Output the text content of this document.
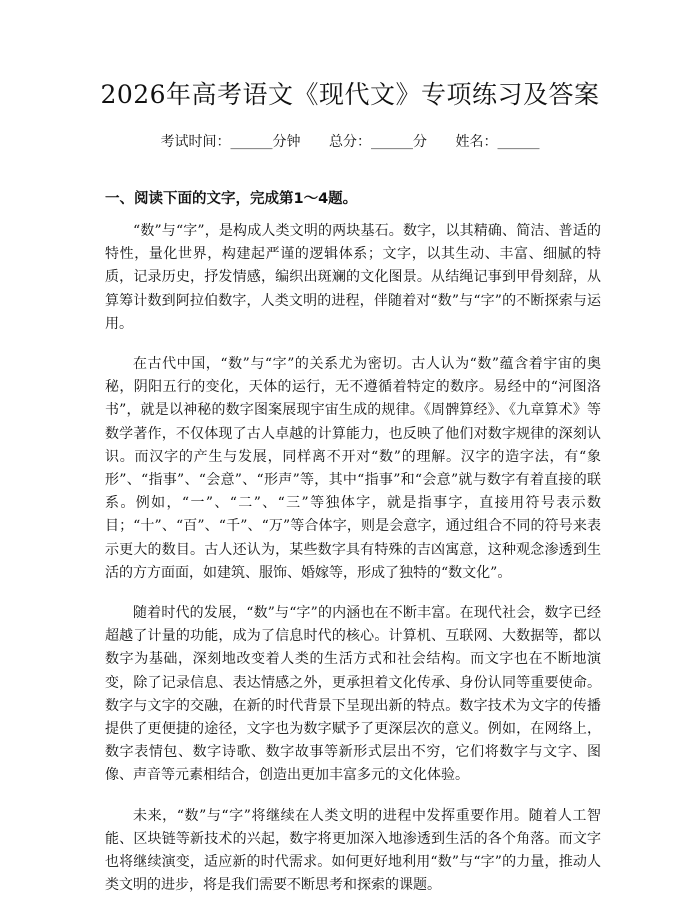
2026年高考语文《现代文》专项练习及答案
考试时间：______分钟 总分：______分 姓名：______
一、阅读下面的文字，完成第1～4题。

“数”与“字”，是构成人类文明的两块基石。数字，以其精确、简洁、普适的特性，量化世界，构建起严谨的逻辑体系；文字，以其生动、丰富、细腻的特质，记录历史，抒发情感，编织出斑斓的文化图景。从结绳记事到甲骨刻辞，从算筹计数到阿拉伯数字，人类文明的进程，伴随着对“数”与“字”的不断探索与运用。

在古代中国，“数”与“字”的关系尤为密切。古人认为“数”蕴含着宇宙的奥秘，阴阳五行的变化，天体的运行，无不遵循着特定的数序。易经中的“河图洛书”，就是以神秘的数字图案展现宇宙生成的规律。《周髀算经》、《九章算术》等数学著作，不仅体现了古人卓越的计算能力，也反映了他们对数字规律的深刻认识。而汉字的产生与发展，同样离不开对“数”的理解。汉字的造字法，有“象形”、“指事”、“会意”、“形声”等，其中“指事”和“会意”就与数字有着直接的联系。例如，“一”、“二”、“三”等独体字，就是指事字，直接用符号表示数目；“十”、“百”、“千”、“万”等合体字，则是会意字，通过组合不同的符号来表示更大的数目。古人还认为，某些数字具有特殊的吉凶寓意，这种观念渗透到生活的方方面面，如建筑、服饰、婚嫁等，形成了独特的“数文化”。

随着时代的发展，“数”与“字”的内涵也在不断丰富。在现代社会，数字已经超越了计量的功能，成为了信息时代的核心。计算机、互联网、大数据等，都以数字为基础，深刻地改变着人类的生活方式和社会结构。而文字也在不断地演变，除了记录信息、表达情感之外，更承担着文化传承、身份认同等重要使命。数字与文字的交融，在新的时代背景下呈现出新的特点。数字技术为文字的传播提供了更便捷的途径，文字也为数字赋予了更深层次的意义。例如，在网络上，数字表情包、数字诗歌、数字故事等新形式层出不穷，它们将数字与文字、图像、声音等元素相结合，创造出更加丰富多元的文化体验。

未来，“数”与“字”将继续在人类文明的进程中发挥重要作用。随着人工智能、区块链等新技术的兴起，数字将更加深入地渗透到生活的各个角落。而文字也将继续演变，适应新的时代需求。如何更好地利用“数”与“字”的力量，推动人类文明的进步，将是我们需要不断思考和探索的课题。
